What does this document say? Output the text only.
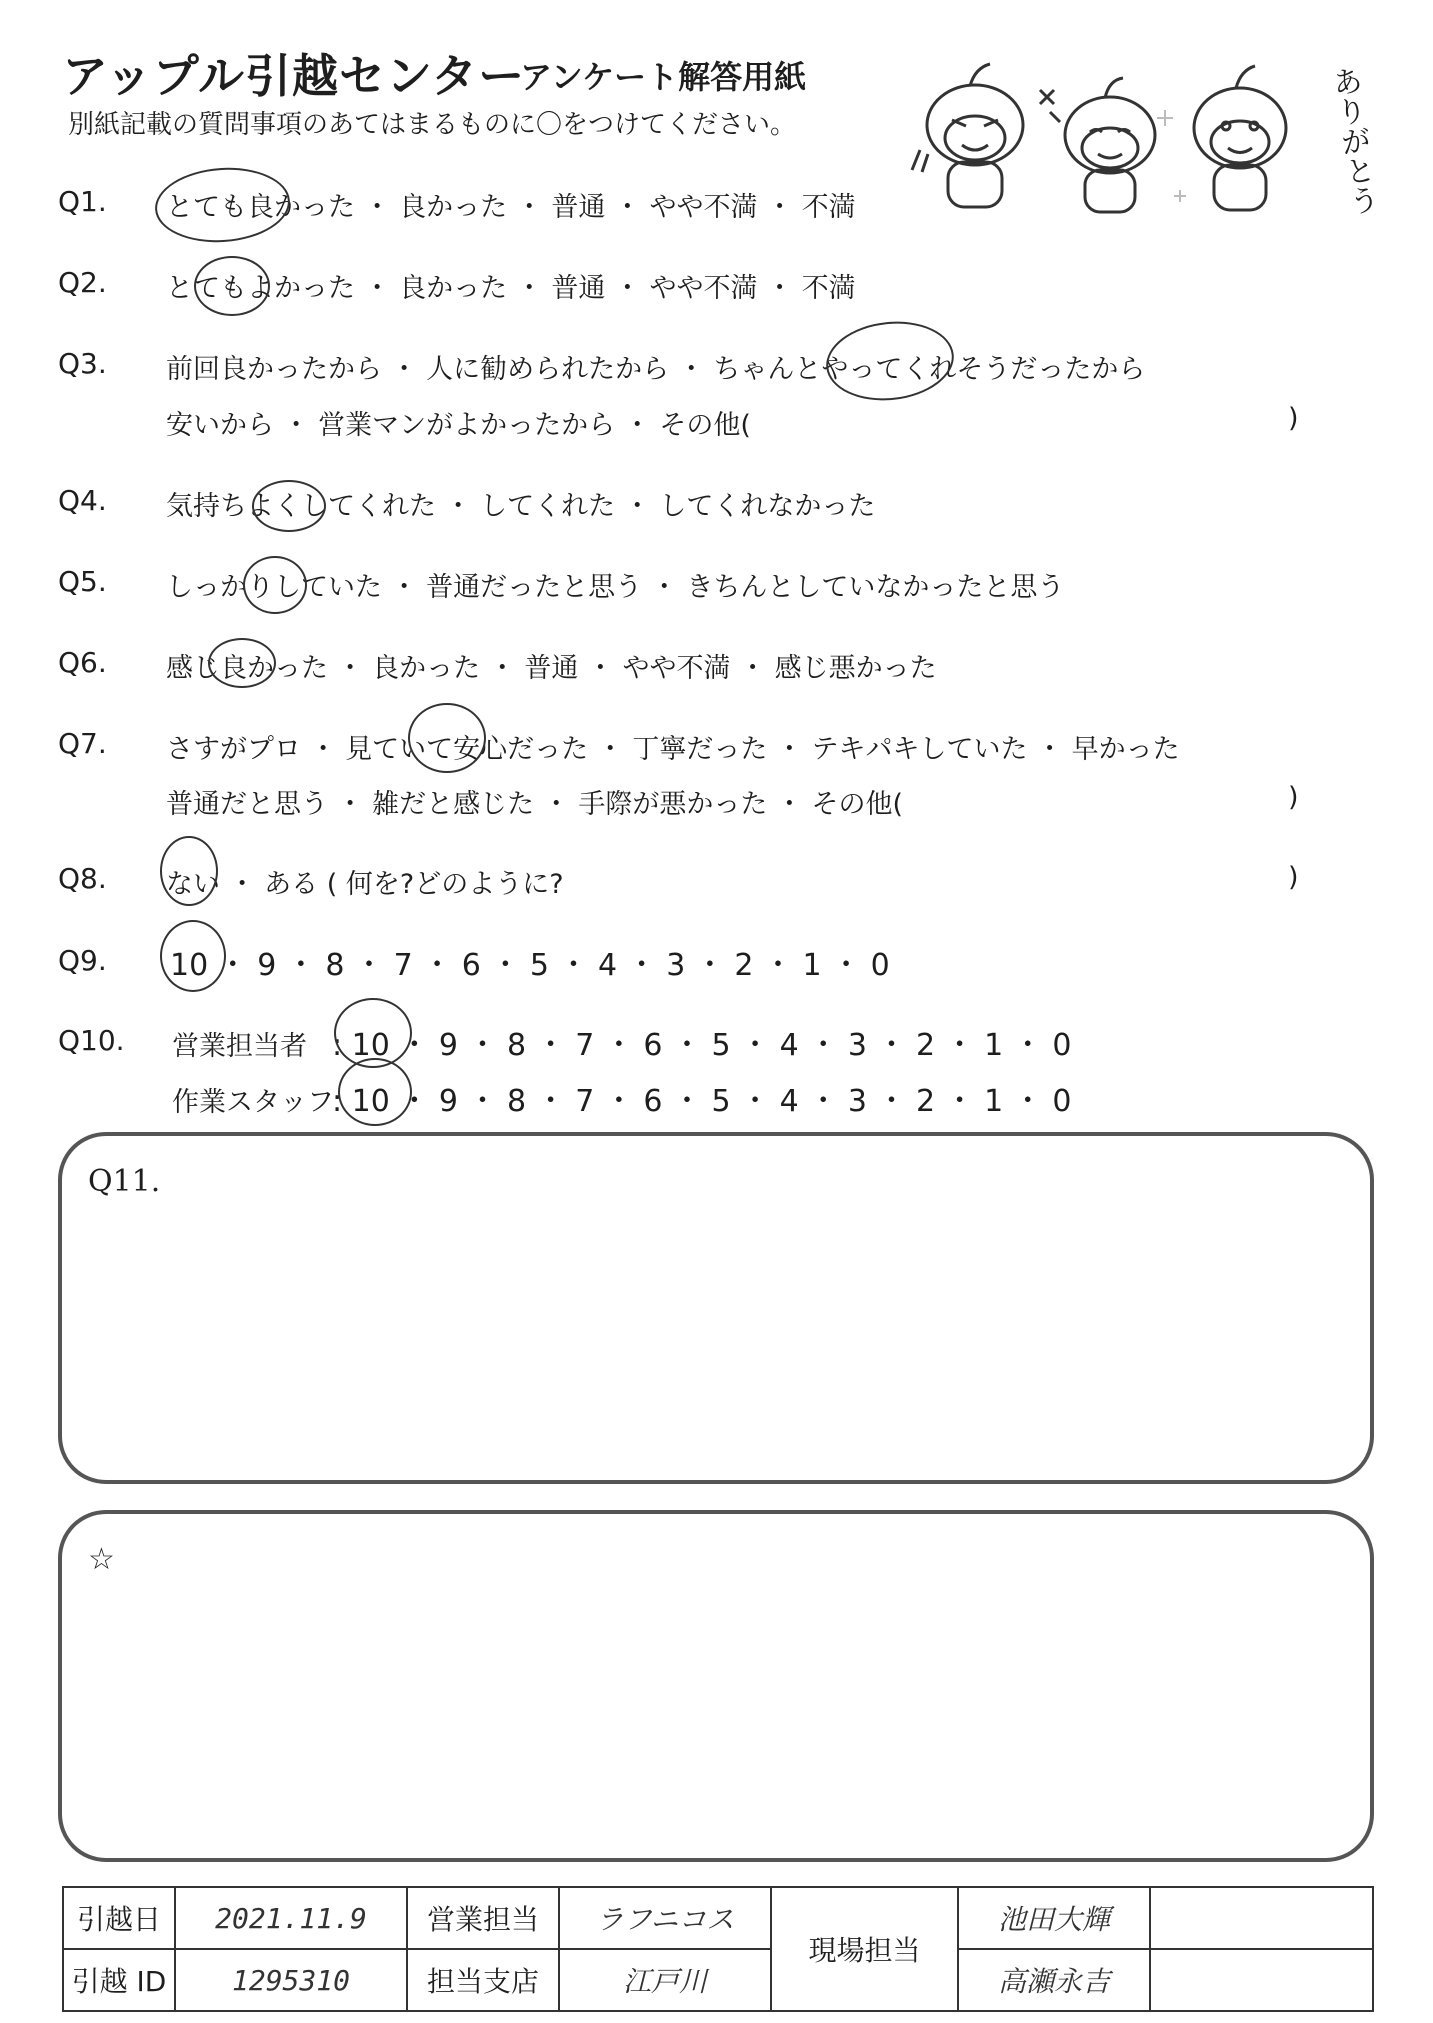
アップル引越センター
アンケート解答用紙
別紙記載の質問事項のあてはまるものに〇をつけてください。	ありがとう
Q1. とても良かった ・ 良かった ・ 普通 ・ やや不満 ・ 不満
Q2. とてもよかった ・ 良かった ・ 普通 ・ やや不満 ・ 不満
Q3. 前回良かったから ・ 人に勧められたから ・ ちゃんとやってくれそうだったから
安いから ・ 営業マンがよかったから ・ その他(	)
Q4. 気持ちよくしてくれた ・ してくれた ・ してくれなかった
Q5. しっかりしていた ・ 普通だったと思う ・ きちんとしていなかったと思う
Q6. 感じ良かった ・ 良かった ・ 普通 ・ やや不満 ・ 感じ悪かった
Q7. さすがプロ ・ 見ていて安心だった ・ 丁寧だった ・ テキパキしていた ・ 早かった
普通だと思う ・ 雑だと感じた ・ 手際が悪かった ・ その他(	)
Q8. ない ・ ある ( 何を?どのように?	)
Q9. 10 ・ 9 ・ 8 ・ 7 ・ 6 ・ 5 ・ 4 ・ 3 ・ 2 ・ 1 ・ 0
Q10. 営業担当者 : 10 ・ 9 ・ 8 ・ 7 ・ 6 ・ 5 ・ 4 ・ 3 ・ 2 ・ 1 ・ 0
作業スタッフ
: 10 ・ 9 ・ 8 ・ 7 ・ 6 ・ 5 ・ 4 ・ 3 ・ 2 ・ 1 ・ 0
Q11.
☆
引越日	2021.11.9	営業担当	ラフニコス	現場担当	池田大輝	
引越 ID	1295310	担当支店	江戸川		高瀬永吉	
